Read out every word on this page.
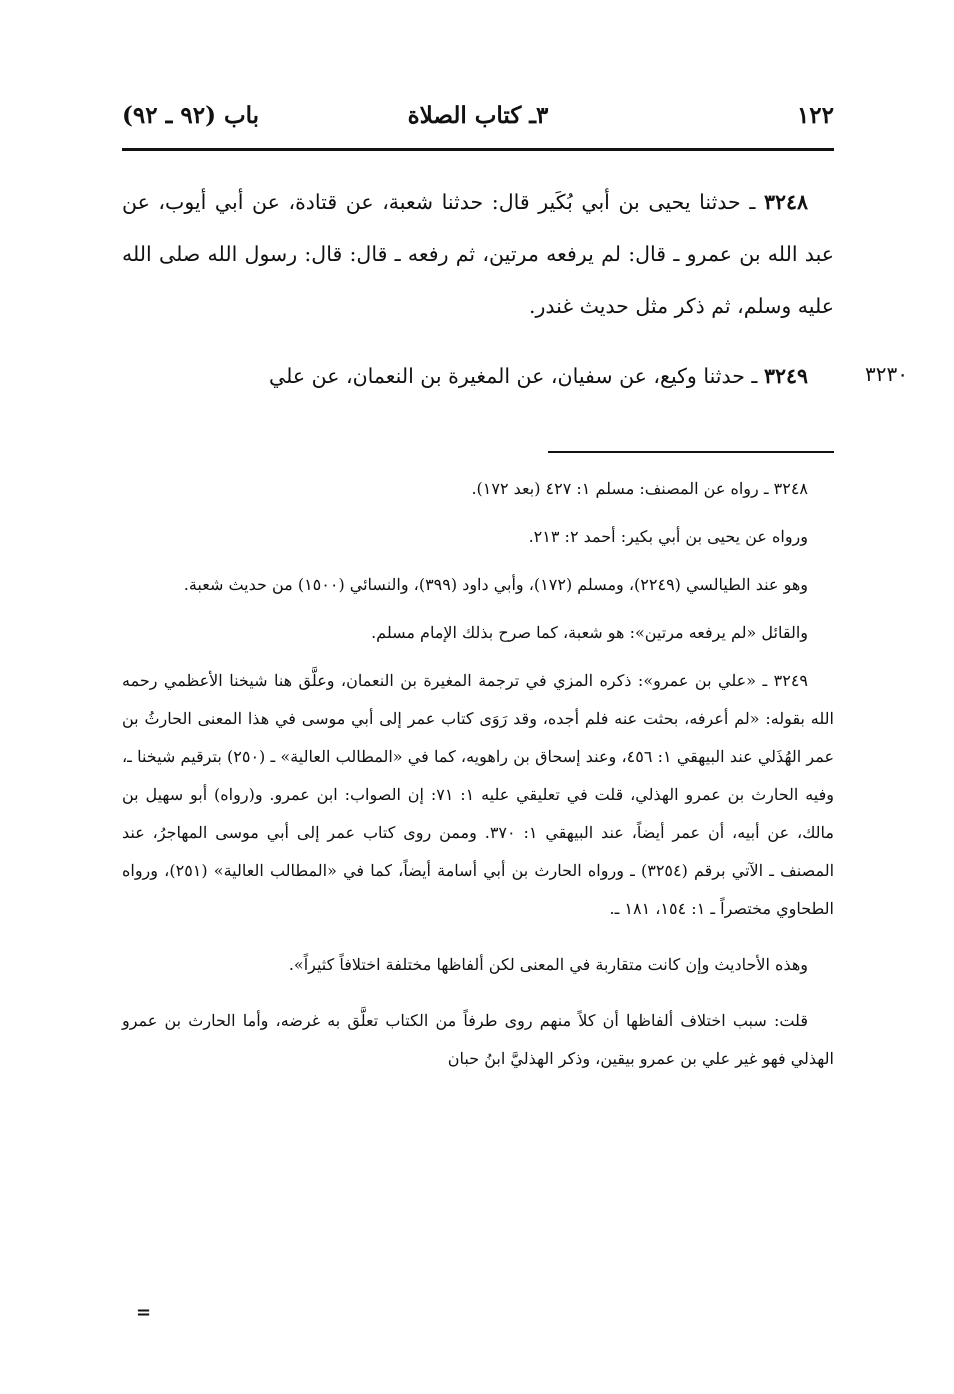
١٢٢
٣ـ كتاب الصلاة
باب (٩٢ ـ ٩٢)
٣٢٤٨ ـ حدثنا يحيى بن أبي بُكَير قال: حدثنا شعبة، عن قتادة، عن أبي أيوب، عن عبد الله بن عمرو ـ قال: لم يرفعه مرتين، ثم رفعه ـ قال: قال: رسول الله صلى الله عليه وسلم، ثم ذكر مثل حديث غندر.
٣٢٤٩ ـ حدثنا وكيع، عن سفيان، عن المغيرة بن النعمان، عن علي	٣٢٣٠

٣٢٤٨ ـ رواه عن المصنف: مسلم ١: ٤٢٧ (بعد ١٧٢).

ورواه عن يحيى بن أبي بكير: أحمد ٢: ٢١٣.

وهو عند الطيالسي (٢٢٤٩)، ومسلم (١٧٢)، وأبي داود (٣٩٩)، والنسائي (١٥٠٠) من حديث شعبة.

والقائل «لم يرفعه مرتين»: هو شعبة، كما صرح بذلك الإمام مسلم.

٣٢٤٩ ـ «علي بن عمرو»: ذكره المزي في ترجمة المغيرة بن النعمان، وعلَّق هنا شيخنا الأعظمي رحمه الله بقوله: «لم أعرفه، بحثت عنه فلم أجده، وقد رَوَى كتاب عمر إلى أبي موسى في هذا المعنى الحارثُ بن عمر الهُذَلي عند البيهقي ١: ٤٥٦، وعند إسحاق بن راهويه، كما في «المطالب العالية» ـ (٢٥٠) بترقيم شيخنا ـ، وفيه الحارث بن عمرو الهذلي، قلت في تعليقي عليه ١: ٧١: إن الصواب: ابن عمرو. و(رواه) أبو سهيل بن مالك، عن أبيه، أن عمر أيضاً، عند البيهقي ١: ٣٧٠. وممن روى كتاب عمر إلى أبي موسى المهاجرُ، عند المصنف ـ الآتي برقم (٣٢٥٤) ـ ورواه الحارث بن أبي أسامة أيضاً، كما في «المطالب العالية» (٢٥١)، ورواه الطحاوي مختصراً ـ ١: ١٥٤، ١٨١ ـ.

وهذه الأحاديث وإن كانت متقاربة في المعنى لكن ألفاظها مختلفة اختلافاً كثيراً».

قلت: سبب اختلاف ألفاظها أن كلاً منهم روى طرفاً من الكتاب تعلَّق به غرضه، وأما الحارث بن عمرو الهذلي فهو غير علي بن عمرو بيقين، وذكر الهذليَّ ابنُ حبان

=
